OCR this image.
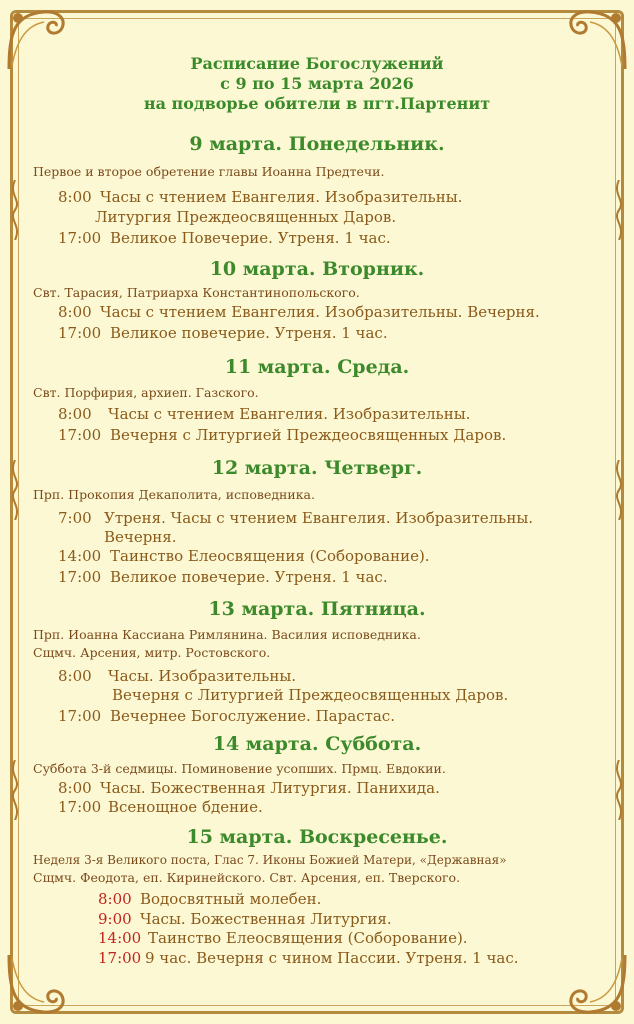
Расписание Богослужений
с 9 по 15 марта 2026
на подворье обители в пгт.Партенит
9 марта. Понедельник.
Первое и второе обретение главы Иоанна Предтечи.
8:00 Часы с чтением Евангелия. Изобразительны.
Литургия Преждеосвященных Даров.
17:00 Великое Повечерие. Утреня. 1 час.
10 марта. Вторник.
Свт. Тарасия, Патриарха Константинопольского.
8:00 Часы с чтением Евангелия. Изобразительны. Вечерня.
17:00 Великое повечерие. Утреня. 1 час.
11 марта. Среда.
Свт. Порфирия, архиеп. Газского.
8:00 Часы с чтением Евангелия. Изобразительны.
17:00 Вечерня с Литургией Преждеосвященных Даров.
12 марта. Четверг.
Прп. Прокопия Декаполита, исповедника.
7:00 Утреня. Часы с чтением Евангелия. Изобразительны.
Вечерня.
14:00 Таинство Елеосвящения (Соборование).
17:00 Великое повечерие. Утреня. 1 час.
13 марта. Пятница.
Прп. Иоанна Кассиана Римлянина. Василия исповедника.
Сщмч. Арсения, митр. Ростовского.
8:00 Часы. Изобразительны.
Вечерня с Литургией Преждеосвященных Даров.
17:00 Вечернее Богослужение. Парастас.
14 марта. Суббота.
Суббота 3-й седмицы. Поминовение усопших. Прмц. Евдокии.
8:00 Часы. Божественная Литургия. Панихида.
17:00 Всенощное бдение.
15 марта. Воскресенье.
Неделя 3-я Великого поста, Глас 7. Иконы Божией Матери, «Державная»
Сщмч. Феодота, еп. Киринейского. Свт. Арсения, еп. Тверского.
8:00 Водосвятный молебен.
9:00 Часы. Божественная Литургия.
14:00 Таинство Елеосвящения (Соборование).
17:00 9 час. Вечерня с чином Пассии. Утреня. 1 час.
